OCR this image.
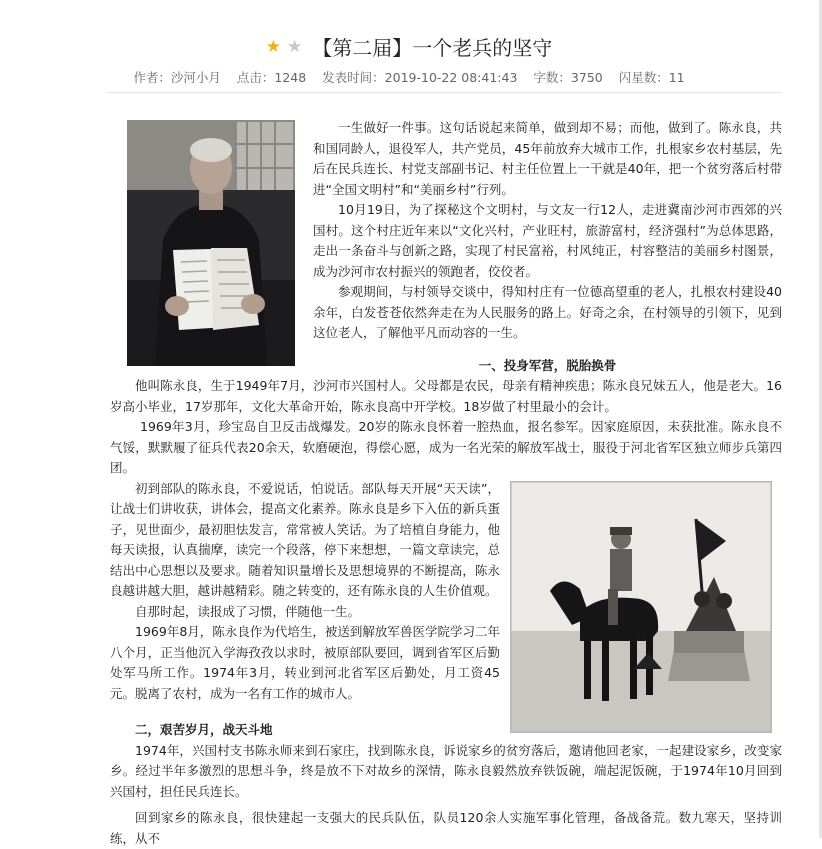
★ ★ 【第二届】一个老兵的坚守
作者：沙河小月 点击：1248 发表时间：2019-10-22 08:41:43 字数：3750 闪星数：11

一生做好一件事。这句话说起来简单，做到却不易；而他，做到了。陈永良，共和国同龄人，退役军人，共产党员，45年前放弃大城市工作，扎根家乡农村基层，先后在民兵连长、村党支部副书记、村主任位置上一干就是40年，把一个贫穷落后村带进“全国文明村”和“美丽乡村”行列。

10月19日，为了探秘这个文明村，与文友一行12人，走进冀南沙河市西郊的兴国村。这个村庄近年来以“文化兴村，产业旺村，旅游富村，经济强村”为总体思路，走出一条奋斗与创新之路，实现了村民富裕，村风纯正，村容整洁的美丽乡村图景，成为沙河市农村振兴的领跑者，佼佼者。

参观期间，与村领导交谈中，得知村庄有一位德高望重的老人，扎根农村建设40余年，白发苍苍依然奔走在为人民服务的路上。好奇之余，在村领导的引领下，见到这位老人，了解他平凡而动容的一生。

一、投身军营，脱胎换骨

他叫陈永良，生于1949年7月，沙河市兴国村人。父母都是农民，母亲有精神疾患；陈永良兄妹五人，他是老大。16岁高小毕业，17岁那年，文化大革命开始，陈永良高中开学校。18岁做了村里最小的会计。

1969年3月，珍宝岛自卫反击战爆发。20岁的陈永良怀着一腔热血，报名参军。因家庭原因，未获批准。陈永良不气馁，默默履了征兵代表20余天，软磨硬泡，得偿心愿，成为一名光荣的解放军战士，服役于河北省军区独立师步兵第四团。

初到部队的陈永良，不爱说话，怕说话。部队每天开展“天天读”，让战士们讲收获，讲体会，提高文化素养。陈永良是乡下入伍的新兵蛋子，见世面少，最初胆怯发言，常常被人笑话。为了培植自身能力，他每天读报，认真揣摩，读完一个段落，停下来想想，一篇文章读完，总结出中心思想以及要求。随着知识量增长及思想境界的不断提高，陈永良越讲越大胆，越讲越精彩。随之转变的，还有陈永良的人生价值观。

自那时起，读报成了习惯，伴随他一生。

1969年8月，陈永良作为代培生，被送到解放军兽医学院学习二年八个月，正当他沉入学海孜孜以求时，被原部队要回，调到省军区后勤处军马所工作。1974年3月，转业到河北省军区后勤处，月工资45元。脱离了农村，成为一名有工作的城市人。

二，艰苦岁月，战天斗地

1974年，兴国村支书陈永师来到石家庄，找到陈永良，诉说家乡的贫穷落后，邀请他回老家，一起建设家乡，改变家乡。经过半年多激烈的思想斗争，终是放不下对故乡的深情，陈永良毅然放弃铁饭碗，端起泥饭碗，于1974年10月回到兴国村，担任民兵连长。

回到家乡的陈永良，很快建起一支强大的民兵队伍，队员120余人实施军事化管理，备战备荒。数九寒天，坚持训练，从不
